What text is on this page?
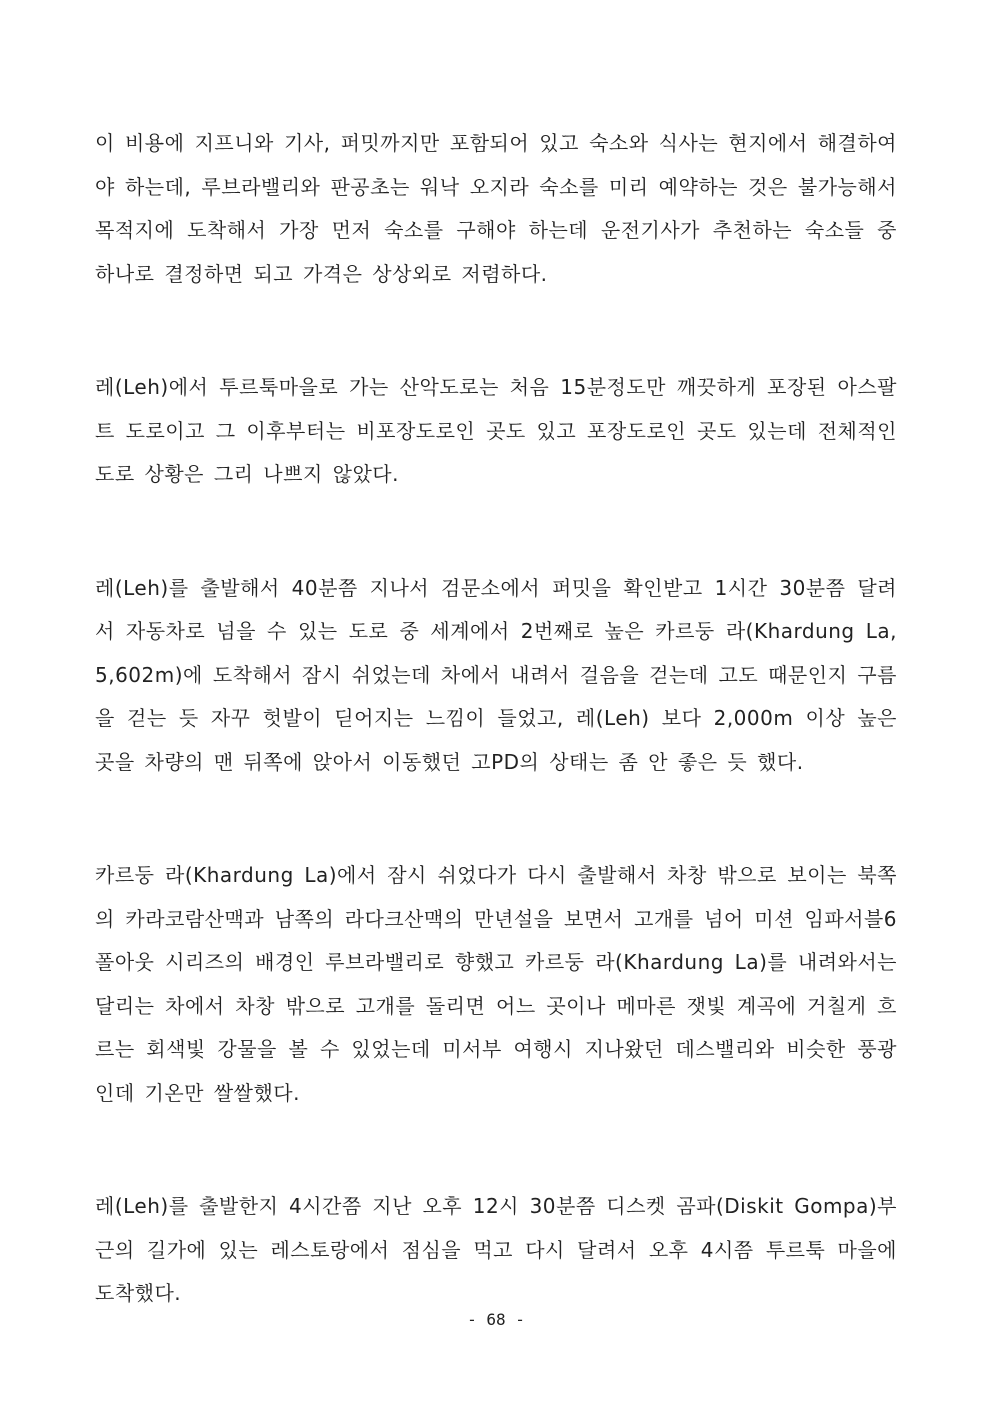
이 비용에 지프니와 기사, 퍼밋까지만 포함되어 있고 숙소와 식사는 현지에서 해결하여야 하는데, 루브라밸리와 판공초는 워낙 오지라 숙소를 미리 예약하는 것은 불가능해서 목적지에 도착해서 가장 먼저 숙소를 구해야 하는데 운전기사가 추천하는 숙소들 중 하나로 결정하면 되고 가격은 상상외로 저렴하다.

레(Leh)에서 투르툭마을로 가는 산악도로는 처음 15분정도만 깨끗하게 포장된 아스팔트 도로이고 그 이후부터는 비포장도로인 곳도 있고 포장도로인 곳도 있는데 전체적인 도로 상황은 그리 나쁘지 않았다.

레(Leh)를 출발해서 40분쯤 지나서 검문소에서 퍼밋을 확인받고 1시간 30분쯤 달려서 자동차로 넘을 수 있는 도로 중 세계에서 2번째로 높은 카르둥 라(Khardung La, 5,602m)에 도착해서 잠시 쉬었는데 차에서 내려서 걸음을 걷는데 고도 때문인지 구름을 걷는 듯 자꾸 헛발이 딛어지는 느낌이 들었고, 레(Leh) 보다 2,000m 이상 높은 곳을 차량의 맨 뒤쪽에 앉아서 이동했던 고PD의 상태는 좀 안 좋은 듯 했다.

카르둥 라(Khardung La)에서 잠시 쉬었다가 다시 출발해서 차창 밖으로 보이는 북쪽의 카라코람산맥과 남쪽의 라다크산맥의 만년설을 보면서 고개를 넘어 미션 임파서블6 폴아웃 시리즈의 배경인 루브라밸리로 향했고 카르둥 라(Khardung La)를 내려와서는 달리는 차에서 차창 밖으로 고개를 돌리면 어느 곳이나 메마른 잿빛 계곡에 거칠게 흐르는 회색빛 강물을 볼 수 있었는데 미서부 여행시 지나왔던 데스밸리와 비슷한 풍광인데 기온만 쌀쌀했다.

레(Leh)를 출발한지 4시간쯤 지난 오후 12시 30분쯤 디스켓 곰파(Diskit Gompa)부근의 길가에 있는 레스토랑에서 점심을 먹고 다시 달려서 오후 4시쯤 투르툭 마을에 도착했다.

- 68 -
